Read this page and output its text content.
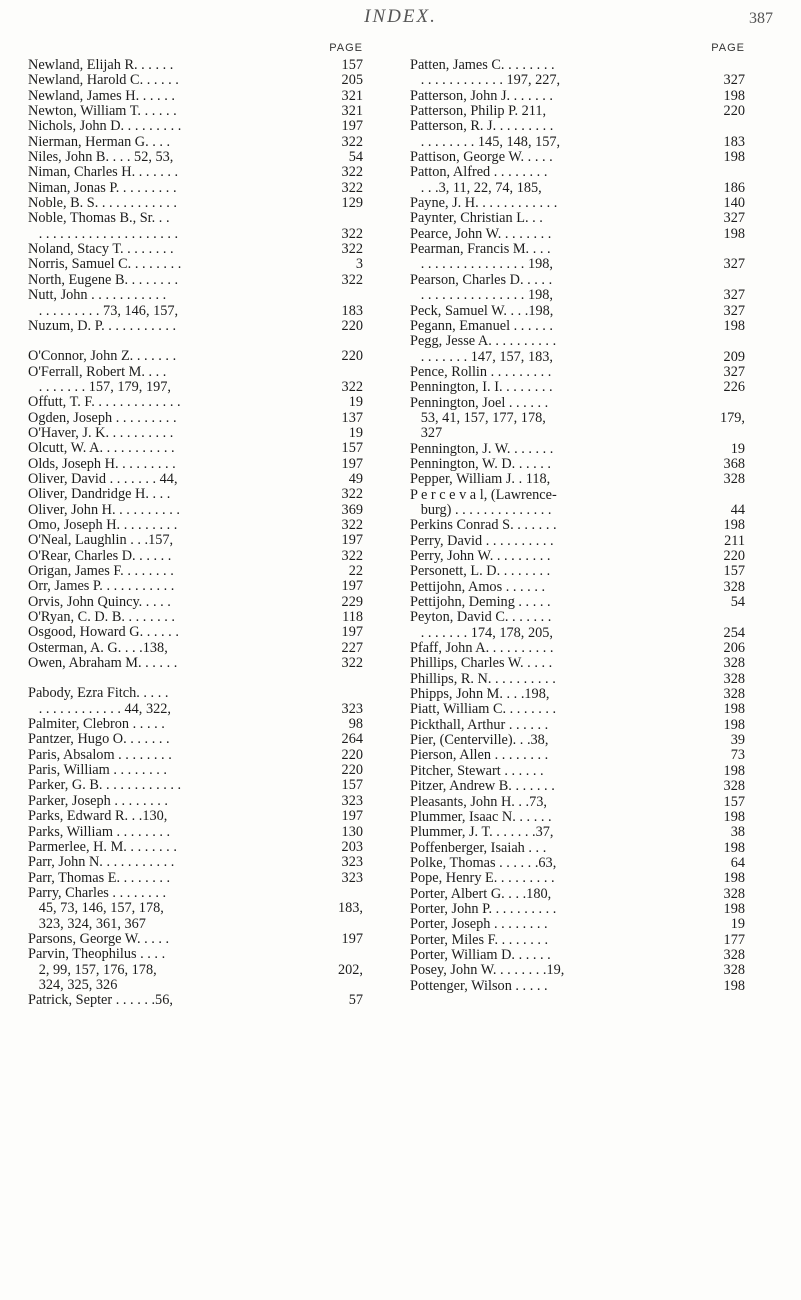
INDEX.	387
PAGE
Newland, Elijah R. . . . . .	157
Newland, Harold C. . . . . .	205
Newland, James H. . . . . .	321
Newton, William T. . . . . .	321
Nichols, John D. . . . . . . . .	197
Nierman, Herman G. . . .	322
Niles, John B. . . . 52, 53,	54
Niman, Charles H. . . . . . .	322
Niman, Jonas P. . . . . . . . .	322
Noble, B. S. . . . . . . . . . . .	129
Noble, Thomas B., Sr. . .
. . . . . . . . . . . . . . . . . . . .	322
Noland, Stacy T. . . . . . . .	322
Norris, Samuel C. . . . . . . .	3
North, Eugene B. . . . . . . .	322
Nutt, John . . . . . . . . . . .
. . . . . . . . . 73, 146, 157,	183
Nuzum, D. P. . . . . . . . . . .	220
O'Connor, John Z. . . . . . .	220
O'Ferrall, Robert M. . . .
. . . . . . . 157, 179, 197,	322
Offutt, T. F. . . . . . . . . . . . .	19
Ogden, Joseph . . . . . . . . .	137
O'Haver, J. K. . . . . . . . . .	19
Olcutt, W. A. . . . . . . . . . .	157
Olds, Joseph H. . . . . . . . .	197
Oliver, David . . . . . . . 44,	49
Oliver, Dandridge H. . . .	322
Oliver, John H. . . . . . . . . .	369
Omo, Joseph H. . . . . . . . .	322
O'Neal, Laughlin . . .157,	197
O'Rear, Charles D. . . . . .	322
Origan, James F. . . . . . . .	22
Orr, James P. . . . . . . . . . .	197
Orvis, John Quincy. . . . .	229
O'Ryan, C. D. B. . . . . . . .	118
Osgood, Howard G. . . . . .	197
Osterman, A. G. . . .138,	227
Owen, Abraham M. . . . . .	322
Pabody, Ezra Fitch. . . . .
. . . . . . . . . . . . 44, 322,	323
Palmiter, Clebron . . . . .	98
Pantzer, Hugo O. . . . . . .	264
Paris, Absalom . . . . . . . .	220
Paris, William . . . . . . . .	220
Parker, G. B. . . . . . . . . . . .	157
Parker, Joseph . . . . . . . .	323
Parks, Edward R. . .130,	197
Parks, William . . . . . . . .	130
Parmerlee, H. M. . . . . . . .	203
Parr, John N. . . . . . . . . . .	323
Parr, Thomas E. . . . . . . .	323
Parry, Charles . . . . . . . .
45, 73, 146, 157, 178,	183,
323, 324, 361, 367
Parsons, George W. . . . .	197
Parvin, Theophilus . . . .
2, 99, 157, 176, 178,	202,
324, 325, 326
Patrick, Septer . . . . . .56,	57
PAGE
Patten, James C. . . . . . . .
. . . . . . . . . . . . 197, 227,	327
Patterson, John J. . . . . . .	198
Patterson, Philip P. 211,	220
Patterson, R. J. . . . . . . . .
. . . . . . . . 145, 148, 157,	183
Pattison, George W. . . . .	198
Patton, Alfred . . . . . . . .
. . .3, 11, 22, 74, 185,	186
Payne, J. H. . . . . . . . . . . .	140
Paynter, Christian L. . .	327
Pearce, John W. . . . . . . .	198
Pearman, Francis M. . . .
. . . . . . . . . . . . . . . 198,	327
Pearson, Charles D. . . . .
. . . . . . . . . . . . . . . 198,	327
Peck, Samuel W. . . .198,	327
Pegann, Emanuel . . . . . .	198
Pegg, Jesse A. . . . . . . . . .
. . . . . . . 147, 157, 183,	209
Pence, Rollin . . . . . . . . .	327
Pennington, I. I. . . . . . . .	226
Pennington, Joel . . . . . .
53, 41, 157, 177, 178,	179,
327
Pennington, J. W. . . . . . .	19
Pennington, W. D. . . . . .	368
Pepper, William J. . 118,	328
P e r c e v a l, (Lawrence-
burg) . . . . . . . . . . . . . .	44
Perkins Conrad S. . . . . . .	198
Perry, David . . . . . . . . . .	211
Perry, John W. . . . . . . . .	220
Personett, L. D. . . . . . . .	157
Pettijohn, Amos . . . . . .	328
Pettijohn, Deming . . . . .	54
Peyton, David C. . . . . . .
. . . . . . . 174, 178, 205,	254
Pfaff, John A. . . . . . . . . .	206
Phillips, Charles W. . . . .	328
Phillips, R. N. . . . . . . . . .	328
Phipps, John M. . . .198,	328
Piatt, William C. . . . . . . .	198
Pickthall, Arthur . . . . . .	198
Pier, (Centerville). . .38,	39
Pierson, Allen . . . . . . . .	73
Pitcher, Stewart . . . . . .	198
Pitzer, Andrew B. . . . . . .	328
Pleasants, John H. . .73,	157
Plummer, Isaac N. . . . . .	198
Plummer, J. T. . . . . . .37,	38
Poffenberger, Isaiah . . .	198
Polke, Thomas . . . . . .63,	64
Pope, Henry E. . . . . . . . .	198
Porter, Albert G. . . .180,	328
Porter, John P. . . . . . . . . .	198
Porter, Joseph . . . . . . . .	19
Porter, Miles F. . . . . . . .	177
Porter, William D. . . . . .	328
Posey, John W. . . . . . . .19,	328
Pottenger, Wilson . . . . .	198
